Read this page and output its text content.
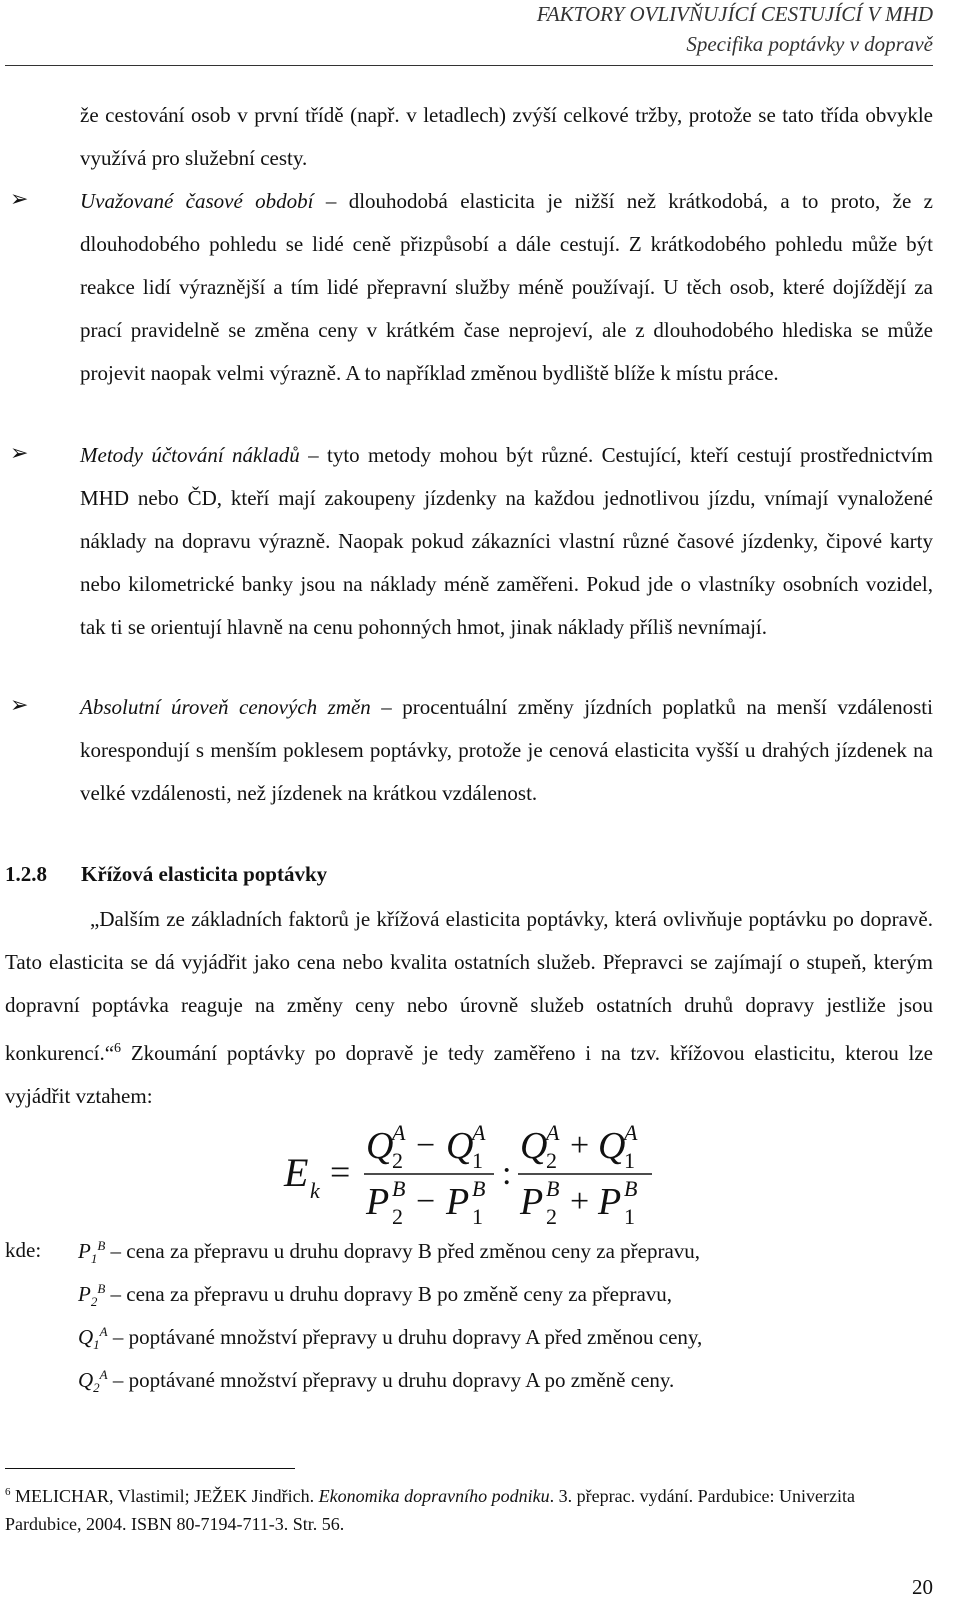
FAKTORY OVLIVŇUJÍCÍ CESTUJÍCÍ V MHD
Specifika poptávky v dopravě
že cestování osob v první třídě (např. v letadlech) zvýší celkové tržby, protože se tato třída obvykle využívá pro služební cesty.
➢ Uvažované časové období – dlouhodobá elasticita je nižší než krátkodobá, a to proto, že z dlouhodobého pohledu se lidé ceně přizpůsobí a dále cestují. Z krátkodobého pohledu může být reakce lidí výraznější a tím lidé přepravní služby méně používají. U těch osob, které dojíždějí za prací pravidelně se změna ceny v krátkém čase neprojeví, ale z dlouhodobého hlediska se může projevit naopak velmi výrazně. A to například změnou bydliště blíže k místu práce.
➢ Metody účtování nákladů – tyto metody mohou být různé. Cestující, kteří cestují prostřednictvím MHD nebo ČD, kteří mají zakoupeny jízdenky na každou jednotlivou jízdu, vnímají vynaložené náklady na dopravu výrazně. Naopak pokud zákazníci vlastní různé časové jízdenky, čipové karty nebo kilometrické banky jsou na náklady méně zaměřeni. Pokud jde o vlastníky osobních vozidel, tak ti se orientují hlavně na cenu pohonných hmot, jinak náklady příliš nevnímají.
➢ Absolutní úroveň cenových změn – procentuální změny jízdních poplatků na menší vzdálenosti korespondují s menším poklesem poptávky, protože je cenová elasticita vyšší u drahých jízdenek na velké vzdálenosti, než jízdenek na krátkou vzdálenost.
1.2.8 Křížová elasticita poptávky
„Dalším ze základních faktorů je křížová elasticita poptávky, která ovlivňuje poptávku po dopravě. Tato elasticita se dá vyjádřit jako cena nebo kvalita ostatních služeb. Přepravci se zajímají o stupeň, kterým dopravní poptávka reaguje na změny ceny nebo úrovně služeb ostatních druhů dopravy jestliže jsou konkurencí.“$^6$ Zkoumání poptávky po dopravě je tedy zaměřeno i na tzv. křížovou elasticitu, kterou lze vyjádřit vztahem:
E k =
Q
2
A − Q
1
A
P 2
B − P 1
B :
Q
2
A + Q
1
A
P 2
B + P 1
B
kde: $P_1^B$ – cena za přepravu u druhu dopravy B před změnou ceny za přepravu,
$P_2^B$ – cena za přepravu u druhu dopravy B po změně ceny za přepravu,
$Q_1^A$ – poptávané množství přepravy u druhu dopravy A před změnou ceny,
$Q_2^A$ – poptávané množství přepravy u druhu dopravy A po změně ceny.
$^6$ MELICHAR, Vlastimil; JEŽEK Jindřich. Ekonomika dopravního podniku. 3. přeprac. vydání. Pardubice: Univerzita Pardubice, 2004. ISBN 80-7194-711-3. Str. 56.
20
